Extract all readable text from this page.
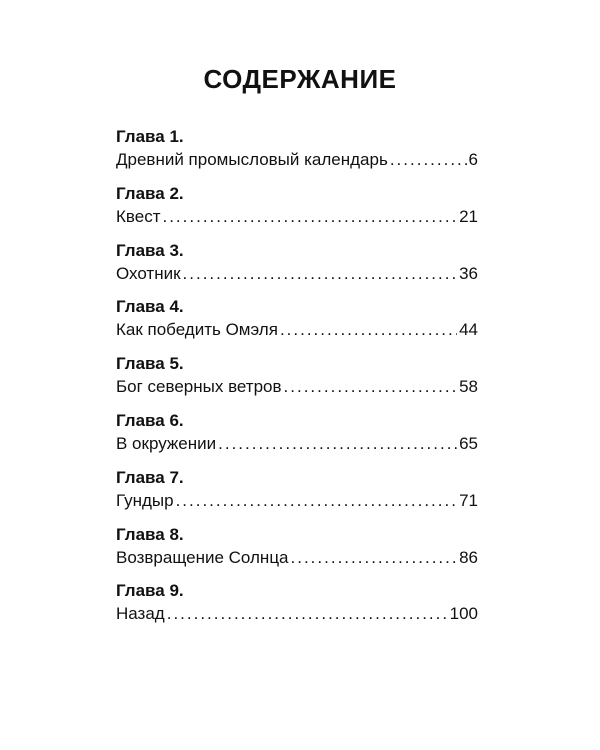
СОДЕРЖАНИЕ
Глава 1.
Древний промысловый календарь .....	6
Глава 2.
Квест .....	21
Глава 3.
Охотник .....	36
Глава 4.
Как победить Омэля .....	44
Глава 5.
Бог северных ветров .....	58
Глава 6.
В окружении .....	65
Глава 7.
Гундыр .....	71
Глава 8.
Возвращение Солнца .....	86
Глава 9.
Назад .....	100
